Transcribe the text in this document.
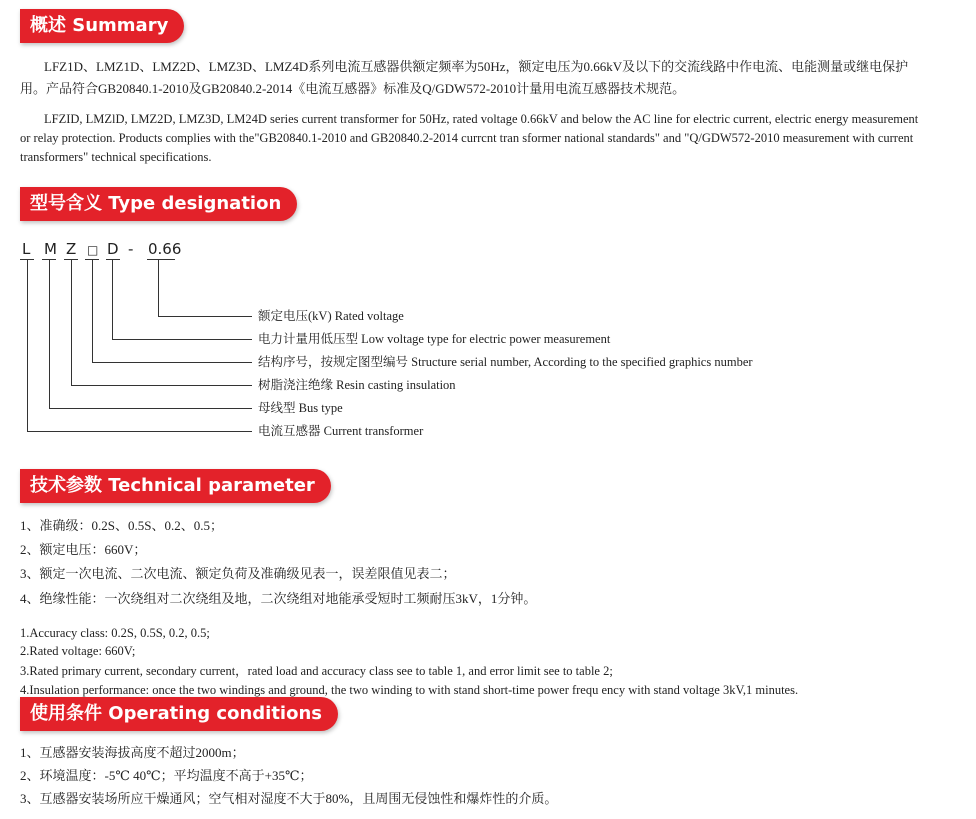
概述 Summary
LFZ1D、LMZ1D、LMZ2D、LMZ3D、LMZ4D系列电流互感器供额定频率为50Hz，额定电压为0.66kV及以下的交流线路中作电流、电能测量或继电保护用。产品符合GB20840.1-2010及GB20840.2-2014《电流互感器》标准及Q/GDW572-2010计量用电流互感器技术规范。
LFZID, LMZlD, LMZ2D, LMZ3D, LM24D series current transformer for 50Hz, rated voltage 0.66kV and below the AC line for electric current, electric energy measurement or relay protection. Products complies with the"GB20840.1-2010 and GB20840.2-2014 currcnt tran sformer national standards" and "Q/GDW572-2010 measurement with current transformers" technical specifications.
型号含义 Type designation
L M Z □ D - 0.66
额定电压(kV) Rated voltage
电力计量用低压型 Low voltage type for electric power measurement
结构序号，按规定图型编号 Structure serial number, According to the specified graphics number
树脂浇注绝缘 Resin casting insulation
母线型 Bus type
电流互感器 Current transformer
技术参数 Technical parameter
1、准确级：0.2S、0.5S、0.2、0.5；
2、额定电压：660V；
3、额定一次电流、二次电流、额定负荷及准确级见表一，误差限值见表二；
4、绝缘性能：一次绕组对二次绕组及地，二次绕组对地能承受短时工频耐压3kV，1分钟。
1.Accuracy class: 0.2S, 0.5S, 0.2, 0.5;
2.Rated voltage: 660V;
3.Rated primary current, secondary current，rated load and accuracy class see to table 1, and error limit see to table 2;
4.Insulation performance: once the two windings and ground, the two winding to with stand short-time power frequ ency with stand voltage 3kV,1 minutes.
使用条件 Operating conditions
1、互感器安装海拔高度不超过2000m；
2、环境温度：-5℃ 40℃；平均温度不高于+35℃；
3、互感器安装场所应干燥通风；空气相对湿度不大于80%，且周围无侵蚀性和爆炸性的介质。
